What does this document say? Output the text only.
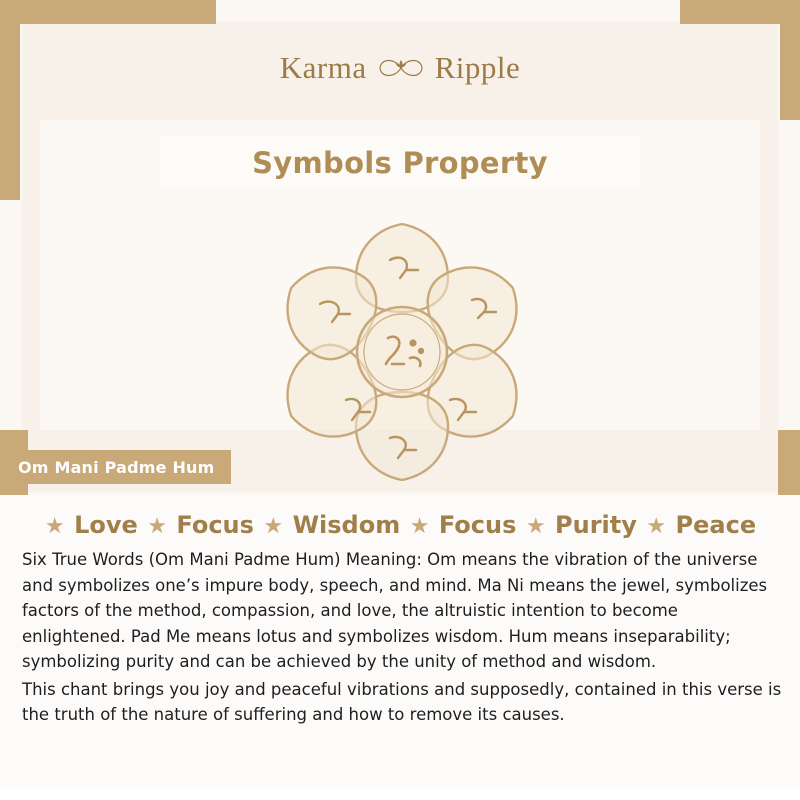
Karma Ripple
Symbols Property
Om Mani Padme Hum
★ Love ★ Focus ★ Wisdom ★ Focus ★ Purity ★ Peace

Six True Words (Om Mani Padme Hum) Meaning: Om means the vibration of the universe and symbolizes one’s impure body, speech, and mind. Ma Ni means the jewel, symbolizes factors of the method, compassion, and love, the altruistic intention to become enlightened. Pad Me means lotus and symbolizes wisdom. Hum means inseparability; symbolizing purity and can be achieved by the unity of method and wisdom.

This chant brings you joy and peaceful vibrations and supposedly, contained in this verse is the truth of the nature of suffering and how to remove its causes.
